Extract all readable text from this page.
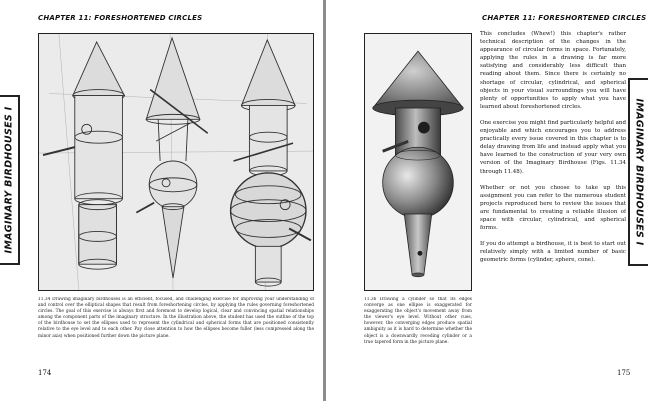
CHAPTER 11: FORESHORTENED CIRCLES
11.34 Drawing imaginary birdhouses is an efficient, focused, and challenging exercise for improving your understanding of and control over the elliptical shapes that result from foreshortening circles, by applying the rules governing foreshortened circles. The goal of this exercise is always first and foremost to develop logical, clear and convincing spatial relationships among the component parts of the imaginary structure. In the illustration above, the student has used the outline of the top of the birdhouse to set the ellipses used to represent the cylindrical and spherical forms that are positioned consistently relative to the eye level and to each other. Pay close attention to how the ellipses become fuller (less compressed along the minor axis) when positioned further down the picture plane.
174
IMAGINARY BIRDHOUSES I
CHAPTER 11: FORESHORTENED CIRCLES
11.36 Drawing a cylinder so that its edges converge as one ellipse is exaggerated for exaggerating the object's movement away from the viewer's eye level. Without other cues, however, the converging edges produce spatial ambiguity as it is hard to determine whether the object is a downwardly receding cylinder or a true tapered form in the picture plane.

This concludes (Whew!) this chapter's rather technical description of the changes in the appearance of circular forms in space. Fortunately, applying the rules in a drawing is far more satisfying and considerably less difficult than reading about them. Since there is certainly no shortage of circular, cylindrical, and spherical objects in your visual surroundings you will have plenty of opportunities to apply what you have learned about foreshortened circles.

One exercise you might find particularly helpful and enjoyable and which encourages you to address practically every issue covered in this chapter is to delay drawing from life and instead apply what you have learned to the construction of your very own version of the Imaginary Birdhouse (Figs. 11.34 through 11.48).

Whether or not you choose to take up this assignment you can refer to the numerous student projects reproduced here to review the issues that are fundamental to creating a reliable illusion of space with circular, cylindrical, and spherical forms.

If you do attempt a birdhouse, it is best to start out relatively simply with a limited number of basic geometric forms (cylinder, sphere, cone).

175
IMAGINARY BIRDHOUSES I
